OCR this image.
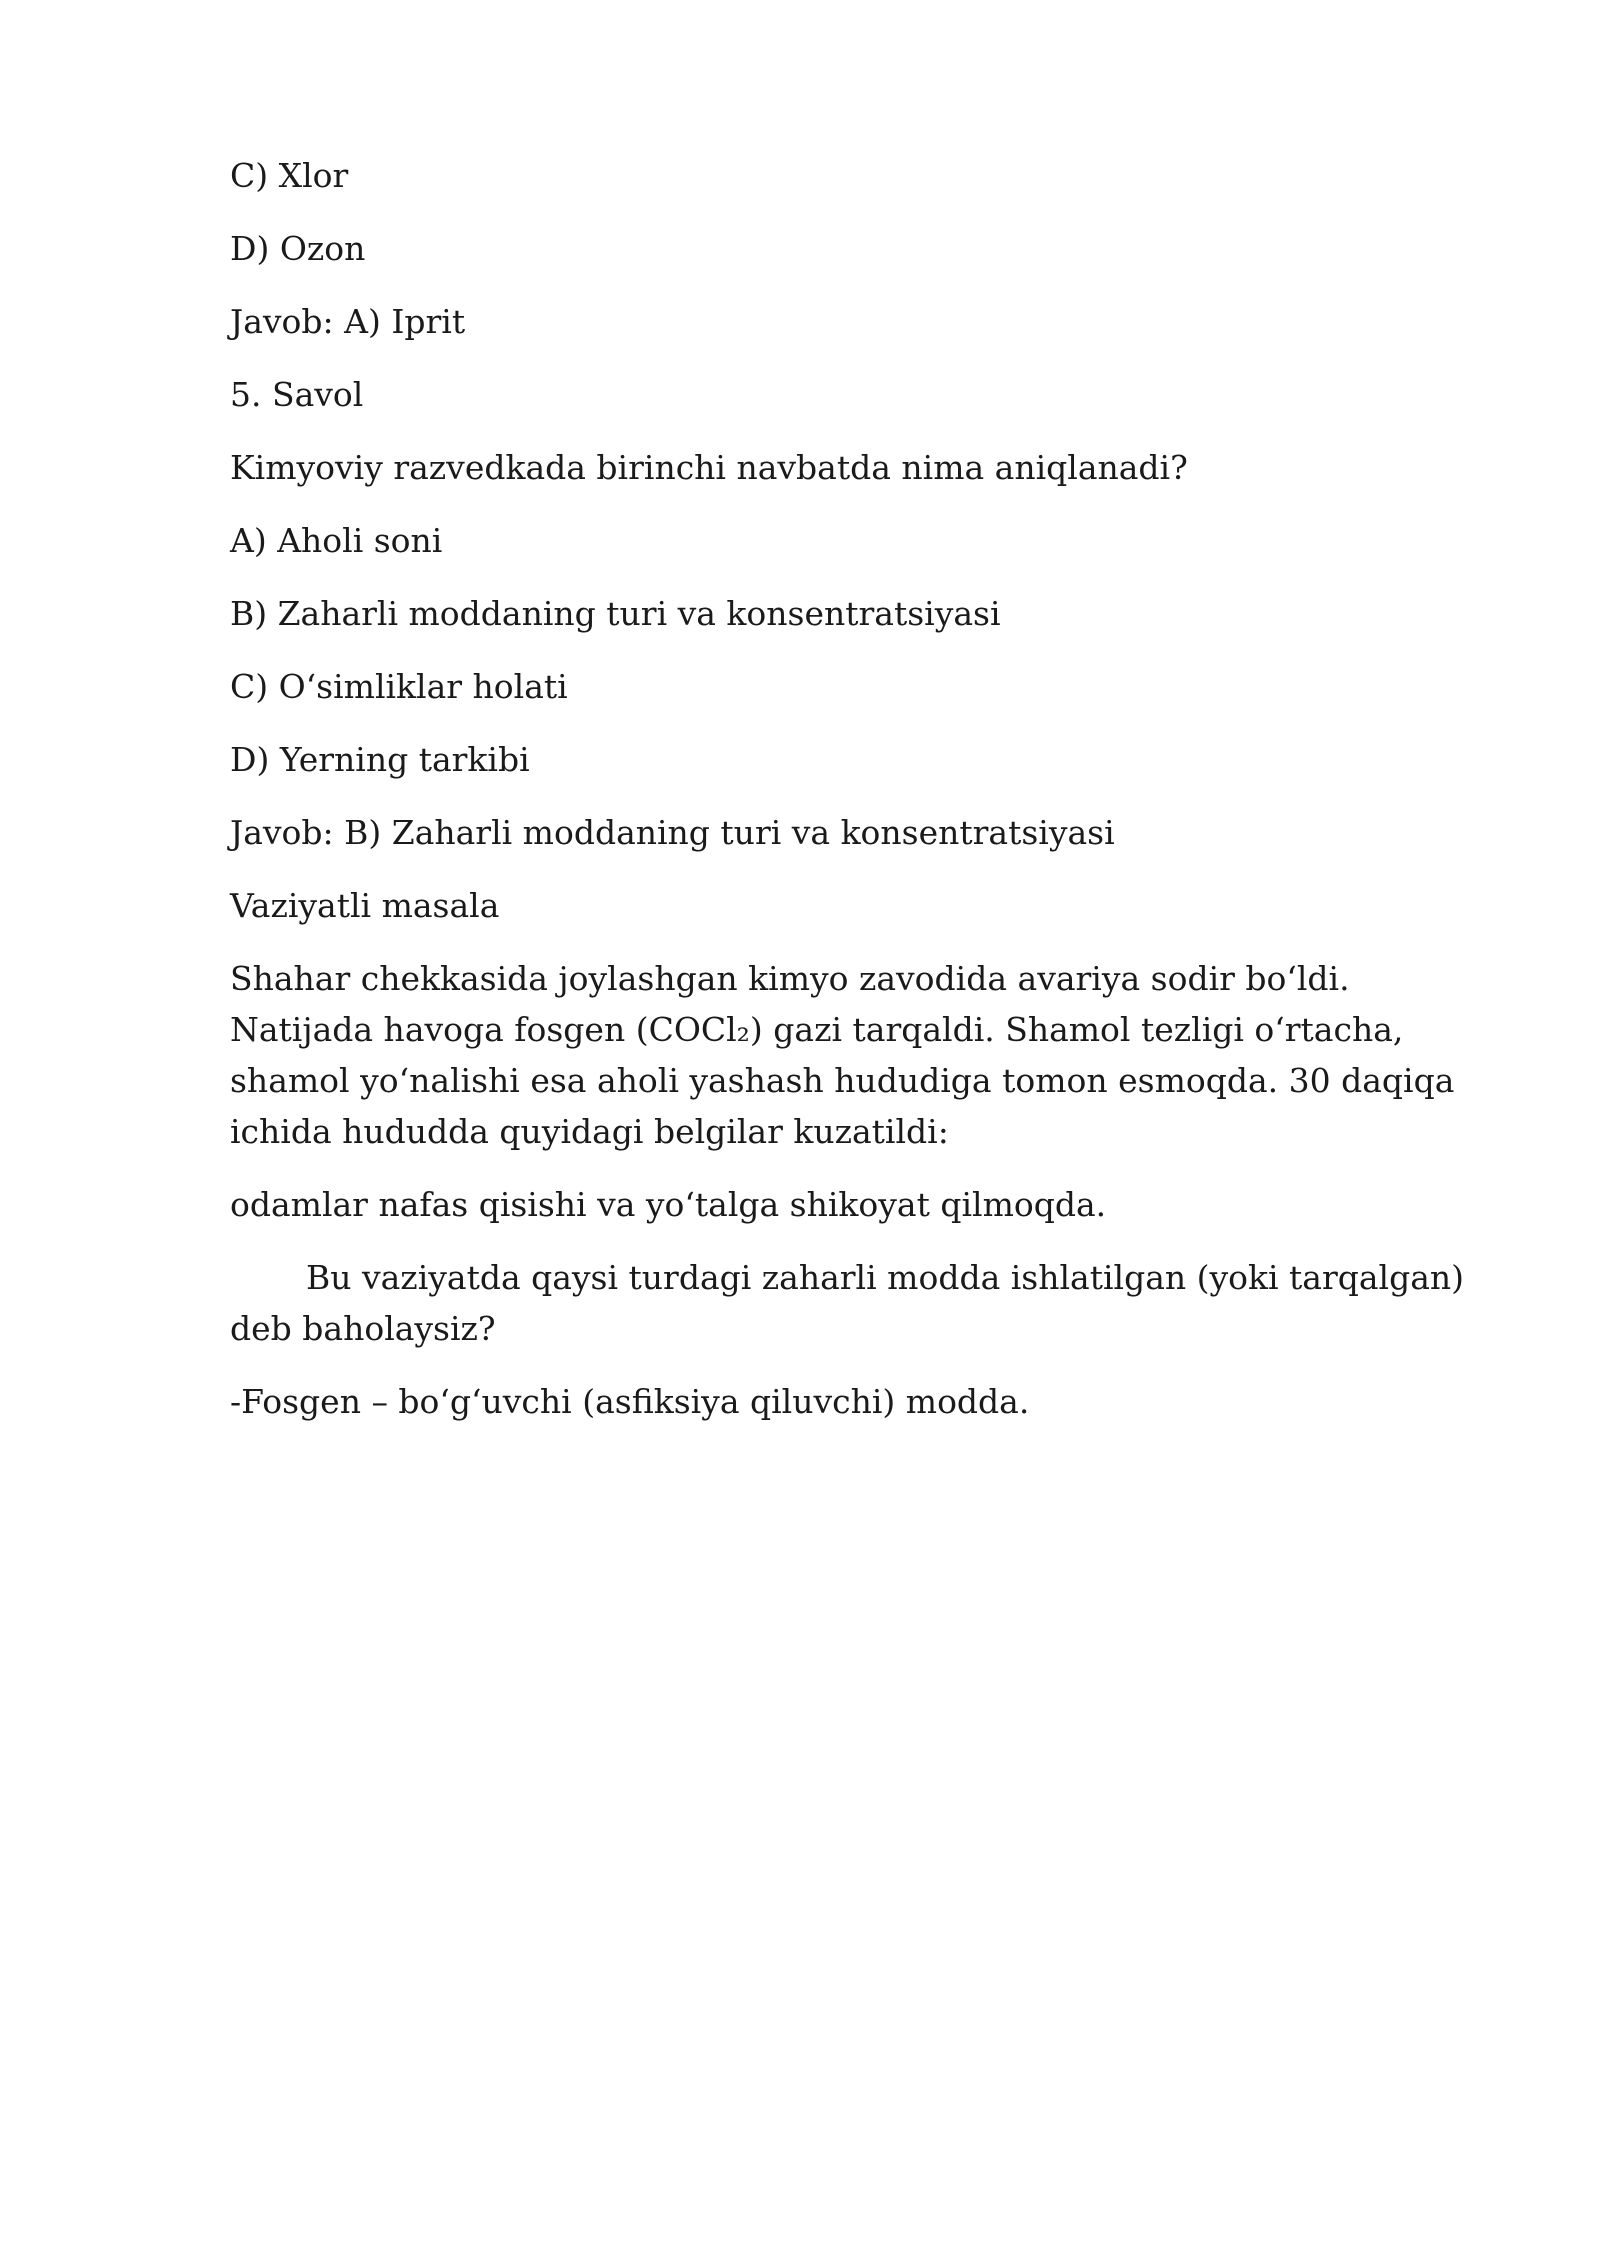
C) Xlor

D) Ozon

Javob: A) Iprit

5. Savol

Kimyoviy razvedkada birinchi navbatda nima aniqlanadi?

A) Aholi soni

B) Zaharli moddaning turi va konsentratsiyasi

C) O‘simliklar holati

D) Yerning tarkibi

Javob: B) Zaharli moddaning turi va konsentratsiyasi

Vaziyatli masala

Shahar chekkasida joylashgan kimyo zavodida avariya sodir bo‘ldi. Natijada havoga fosgen (COCl₂) gazi tarqaldi. Shamol tezligi o‘rtacha, shamol yo‘nalishi esa aholi yashash hududiga tomon esmoqda. 30 daqiqa ichida hududda quyidagi belgilar kuzatildi:

odamlar nafas qisishi va yo‘talga shikoyat qilmoqda.

Bu vaziyatda qaysi turdagi zaharli modda ishlatilgan (yoki tarqalgan) deb baholaysiz?

-Fosgen – bo‘g‘uvchi (asfiksiya qiluvchi) modda.
